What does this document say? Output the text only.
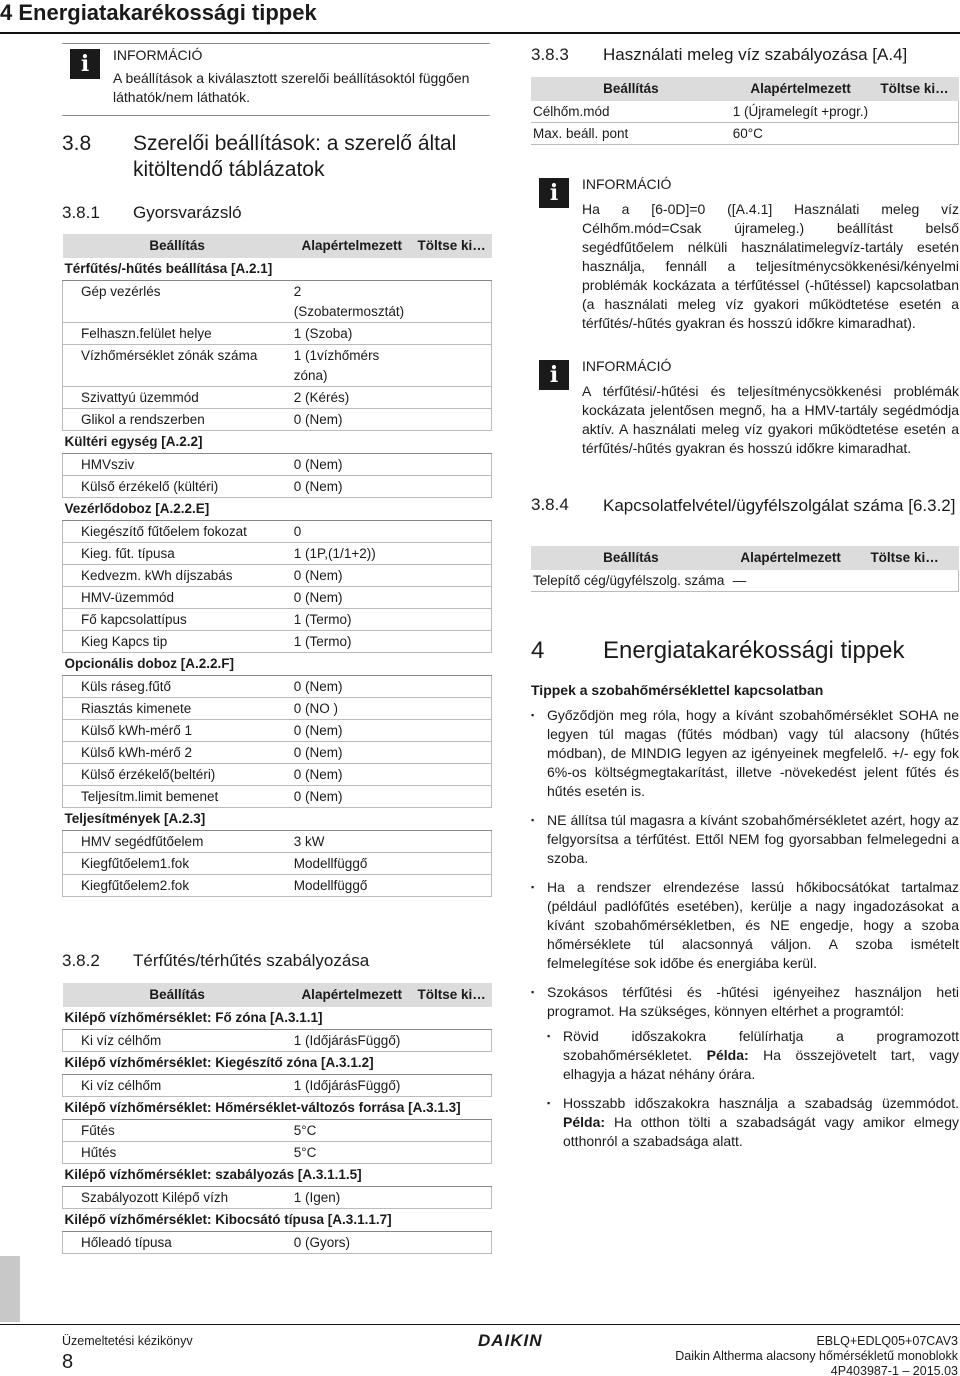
4 Energiatakarékossági tippek
i	INFORMÁCIÓ
A beállítások a kiválasztott szerelői beállításoktól függően láthatók/nem láthatók.
3.8 Szerelői beállítások: a szerelő által kitöltendő táblázatok
3.8.1 Gyorsvarázsló
Beállítás	Alapértelmezett	Töltse ki…
Térfűtés/-hűtés beállítása [A.2.1]		
Gép vezérlés	2 (Szobatermosztát)	
Felhaszn.felület helye	1 (Szoba)	
Vízhőmérséklet zónák száma	1 (1vízhőmérs zóna)	
Szivattyú üzemmód	2 (Kérés)	
Glikol a rendszerben	0 (Nem)	
Kültéri egység [A.2.2]		
HMVsziv	0 (Nem)	
Külső érzékelő (kültéri)	0 (Nem)	
Vezérlődoboz [A.2.2.E]		
Kiegészítő fűtőelem fokozat	0	
Kieg. fűt. típusa	1 (1P,(1/1+2))	
Kedvezm. kWh díjszabás	0 (Nem)	
HMV-üzemmód	0 (Nem)	
Fő kapcsolattípus	1 (Termo)	
Kieg Kapcs tip	1 (Termo)	
Opcionális doboz [A.2.2.F]		
Küls ráseg.fűtő	0 (Nem)	
Riasztás kimenete	0 (NO )	
Külső kWh-mérő 1	0 (Nem)	
Külső kWh-mérő 2	0 (Nem)	
Külső érzékelő(beltéri)	0 (Nem)	
Teljesítm.limit bemenet	0 (Nem)	
Teljesítmények [A.2.3]		
HMV segédfűtőelem	3 kW	
Kiegfűtőelem1.fok	Modellfüggő	
Kiegfűtőelem2.fok	Modellfüggő	
3.8.2 Térfűtés/térhűtés szabályozása
Beállítás	Alapértelmezett	Töltse ki…
Kilépő vízhőmérséklet: Fő zóna [A.3.1.1]		
Ki víz célhőm	1 (IdőjárásFüggő)	
Kilépő vízhőmérséklet: Kiegészítő zóna [A.3.1.2]		
Ki víz célhőm	1 (IdőjárásFüggő)	
Kilépő vízhőmérséklet: Hőmérséklet-változós forrása [A.3.1.3]		
Fűtés	5°C	
Hűtés	5°C	
Kilépő vízhőmérséklet: szabályozás [A.3.1.1.5]		
Szabályozott Kilépő vízh	1 (Igen)	
Kilépő vízhőmérséklet: Kibocsátó típusa [A.3.1.1.7]		
Hőleadó típusa	0 (Gyors)	
3.8.3 Használati meleg víz szabályozása [A.4]
Beállítás	Alapértelmezett	Töltse ki…
Célhőm.mód	1 (Újramelegít +progr.)	
Max. beáll. pont	60°C	
i	INFORMÁCIÓ
Ha a [6-0D]=0 ([A.4.1] Használati meleg víz Célhőm.mód=Csak újrameleg.) beállítást belső segédfűtőelem nélküli használatimelegvíz-tartály esetén használja, fennáll a teljesítménycsökkenési/kényelmi problémák kockázata a térfűtéssel (-hűtéssel) kapcsolatban (a használati meleg víz gyakori működtetése esetén a térfűtés/-hűtés gyakran és hosszú időkre kimaradhat).
i	INFORMÁCIÓ
A térfűtési/-hűtési és teljesítménycsökkenési problémák kockázata jelentősen megnő, ha a HMV-tartály segédmódja aktív. A használati meleg víz gyakori működtetése esetén a térfűtés/-hűtés gyakran és hosszú időkre kimaradhat.
3.8.4 Kapcsolatfelvétel/ügyfélszolgálat száma [6.3.2]
Beállítás	Alapértelmezett	Töltse ki…
Telepítő cég/ügyfélszolg. száma	—	
4 Energiatakarékossági tippek
Tippek a szobahőmérséklettel kapcsolatban
▪ Győződjön meg róla, hogy a kívánt szobahőmérséklet SOHA ne legyen túl magas (fűtés módban) vagy túl alacsony (hűtés módban), de MINDIG legyen az igényeinek megfelelő. +/- egy fok 6%-os költségmegtakarítást, illetve -növekedést jelent fűtés és hűtés esetén is.
▪ NE állítsa túl magasra a kívánt szobahőmérsékletet azért, hogy az felgyorsítsa a térfűtést. Ettől NEM fog gyorsabban felmelegedni a szoba.
▪ Ha a rendszer elrendezése lassú hőkibocsátókat tartalmaz (például padlófűtés esetében), kerülje a nagy ingadozásokat a kívánt szobahőmérsékletben, és NE engedje, hogy a szoba hőmérséklete túl alacsonnyá váljon. A szoba ismételt felmelegítése sok időbe és energiába kerül.
▪ Szokásos térfűtési és -hűtési igényeihez használjon heti programot. Ha szükséges, könnyen eltérhet a programtól:
▪ Rövid időszakokra felülírhatja a programozott szobahőmérsékletet. Példa: Ha összejövetelt tart, vagy elhagyja a házat néhány órára.
▪ Hosszabb időszakokra használja a szabadság üzemmódot. Példa: Ha otthon tölti a szabadságát vagy amikor elmegy otthonról a szabadsága alatt.
Üzemeltetési kézikönyv
8
DAIKIN	EBLQ+EDLQ05+07CAV3
Daikin Altherma alacsony hőmérsékletű monoblokk
4P403987-1 – 2015.03
